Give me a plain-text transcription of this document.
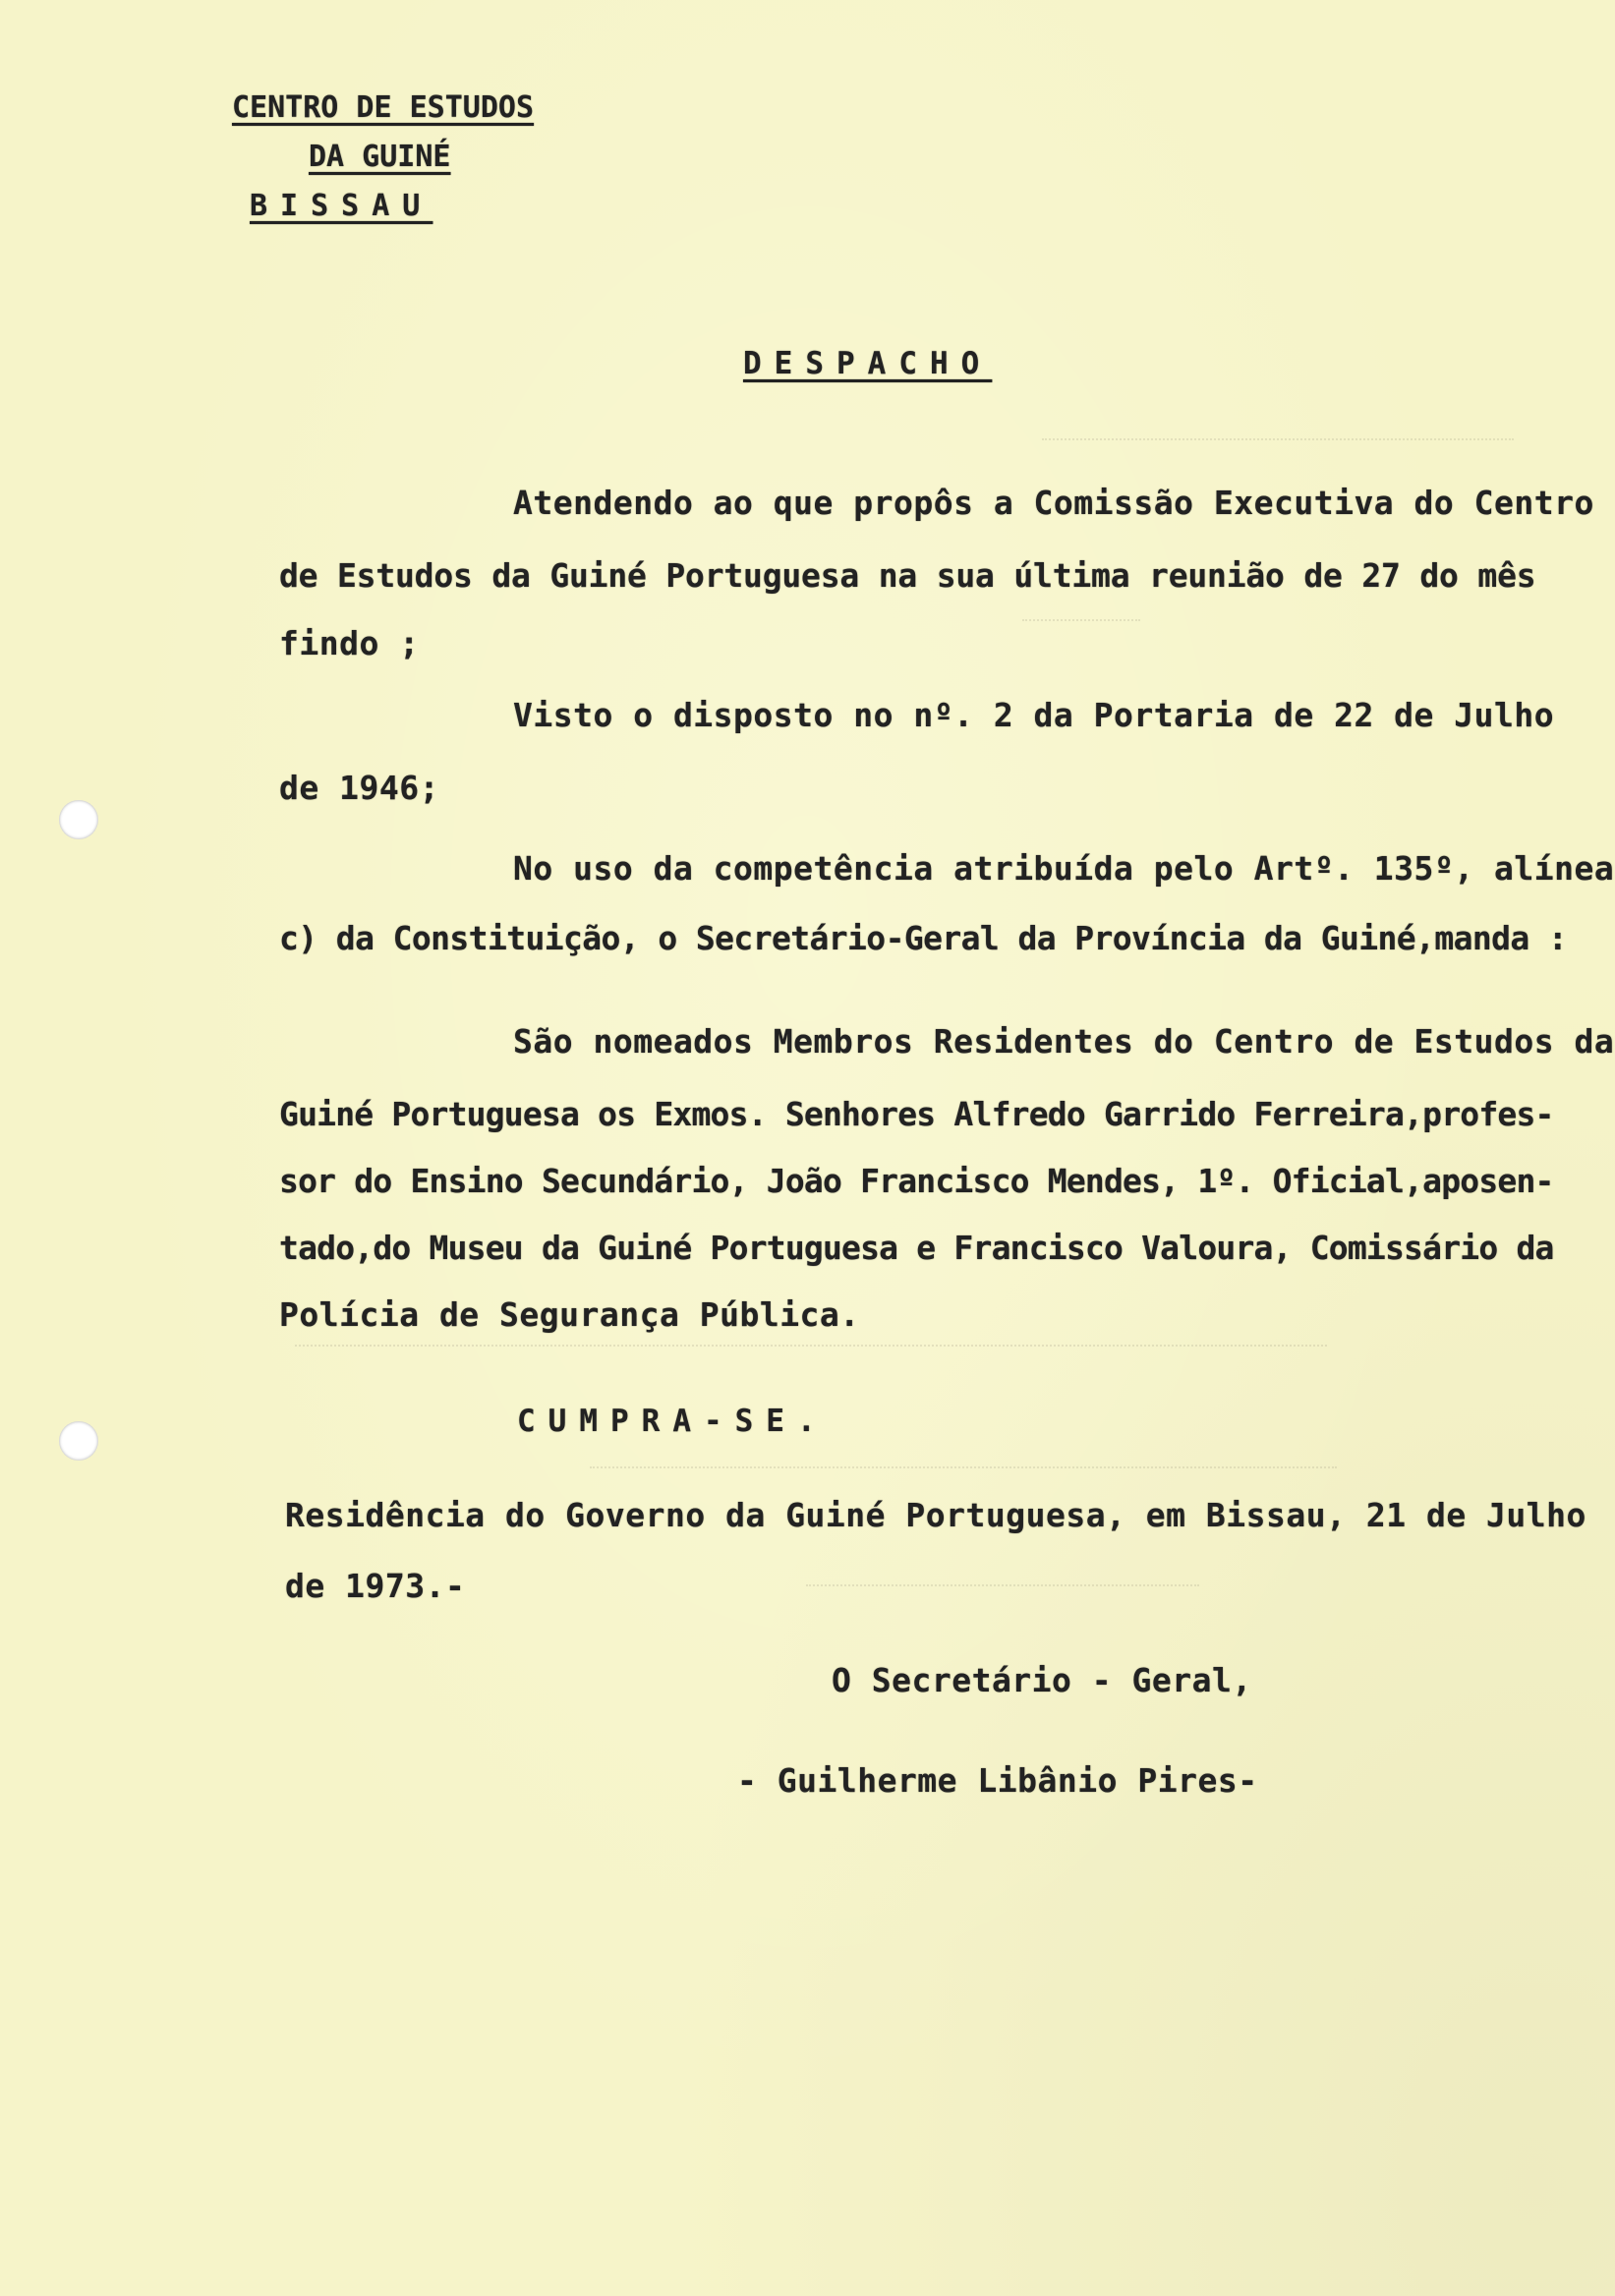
CENTRO DE ESTUDOS
DA GUINÉ
BISSAU
DESPACHO
Atendendo ao que propôs a Comissão Executiva do Centro
de Estudos da Guiné Portuguesa na sua última reunião de 27 do mês
findo ;
Visto o disposto no nº. 2 da Portaria de 22 de Julho
de 1946;
No uso da competência atribuída pelo Artº. 135º, alínea
c) da Constituição, o Secretário-Geral da Província da Guiné,manda :
São nomeados Membros Residentes do Centro de Estudos da
Guiné Portuguesa os Exmos. Senhores Alfredo Garrido Ferreira,profes-
sor do Ensino Secundário, João Francisco Mendes, 1º. Oficial,aposen-
tado,do Museu da Guiné Portuguesa e Francisco Valoura, Comissário da
Polícia de Segurança Pública.
CUMPRA-SE.
Residência do Governo da Guiné Portuguesa, em Bissau, 21 de Julho
de 1973.-
O Secretário - Geral,
- Guilherme Libânio Pires-
